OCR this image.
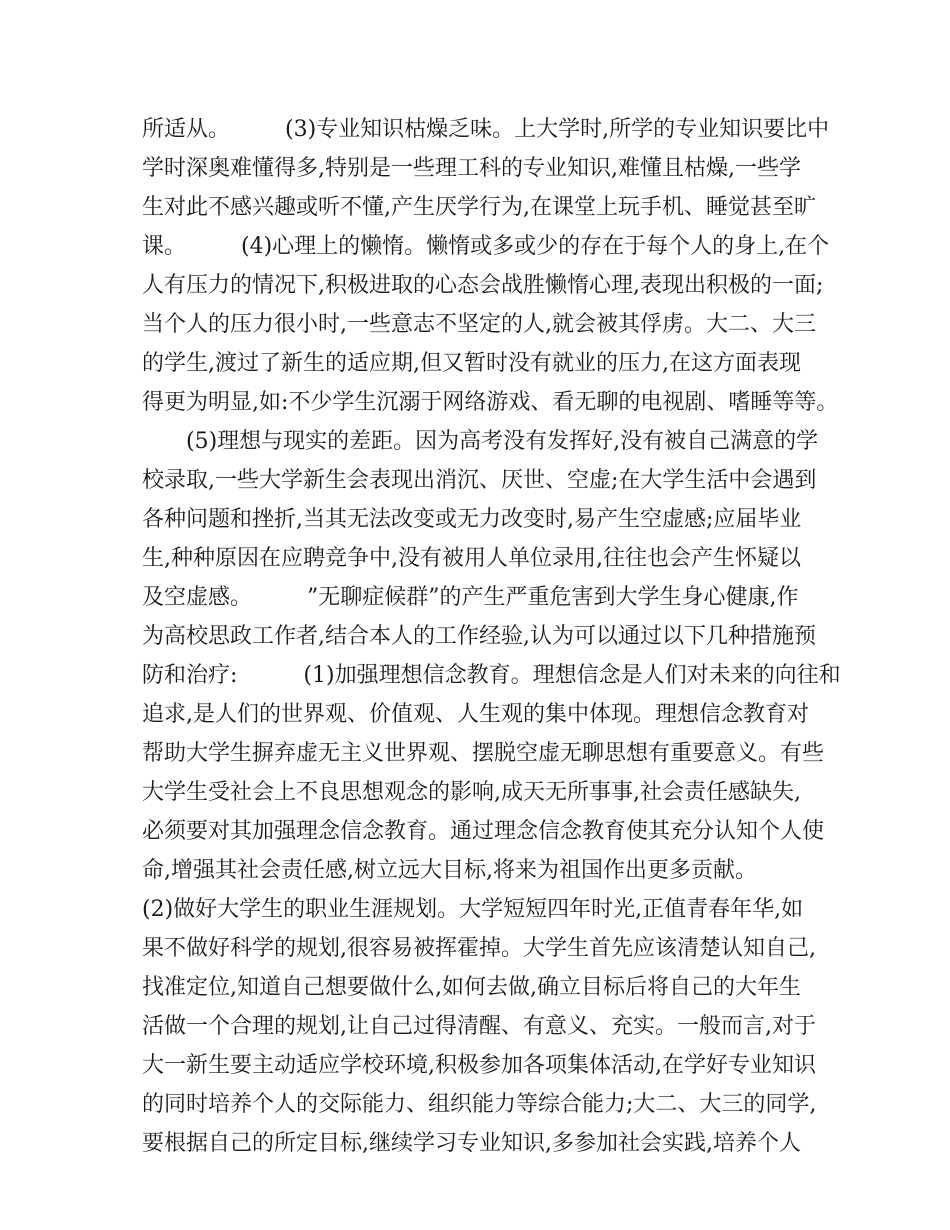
所适从。　　　(3)专业知识枯燥乏味。上大学时,所学的专业知识要比中

学时深奥难懂得多,特别是一些理工科的专业知识,难懂且枯燥,一些学

生对此不感兴趣或听不懂,产生厌学行为,在课堂上玩手机、睡觉甚至旷

课。　　　(4)心理上的懒惰。懒惰或多或少的存在于每个人的身上,在个

人有压力的情况下,积极进取的心态会战胜懒惰心理,表现出积极的一面;

当个人的压力很小时,一些意志不坚定的人,就会被其俘虏。大二、大三

的学生,渡过了新生的适应期,但又暂时没有就业的压力,在这方面表现

得更为明显,如:不少学生沉溺于网络游戏、看无聊的电视剧、嗜睡等等。

　　(5)理想与现实的差距。因为高考没有发挥好,没有被自己满意的学

校录取,一些大学新生会表现出消沉、厌世、空虚;在大学生活中会遇到

各种问题和挫折,当其无法改变或无力改变时,易产生空虚感;应届毕业

生,种种原因在应聘竞争中,没有被用人单位录用,往往也会产生怀疑以

及空虚感。　　　”无聊症候群”的产生严重危害到大学生身心健康,作

为高校思政工作者,结合本人的工作经验,认为可以通过以下几种措施预

防和治疗:　　　(1)加强理想信念教育。理想信念是人们对未来的向往和

追求,是人们的世界观、价值观、人生观的集中体现。理想信念教育对

帮助大学生摒弃虚无主义世界观、摆脱空虚无聊思想有重要意义。有些

大学生受社会上不良思想观念的影响,成天无所事事,社会责任感缺失,

必须要对其加强理念信念教育。通过理念信念教育使其充分认知个人使

命,增强其社会责任感,树立远大目标,将来为祖国作出更多贡献。

(2)做好大学生的职业生涯规划。大学短短四年时光,正值青春年华,如

果不做好科学的规划,很容易被挥霍掉。大学生首先应该清楚认知自己,

找准定位,知道自己想要做什么,如何去做,确立目标后将自己的大年生

活做一个合理的规划,让自己过得清醒、有意义、充实。一般而言,对于

大一新生要主动适应学校环境,积极参加各项集体活动,在学好专业知识

的同时培养个人的交际能力、组织能力等综合能力;大二、大三的同学,

要根据自己的所定目标,继续学习专业知识,多参加社会实践,培养个人
